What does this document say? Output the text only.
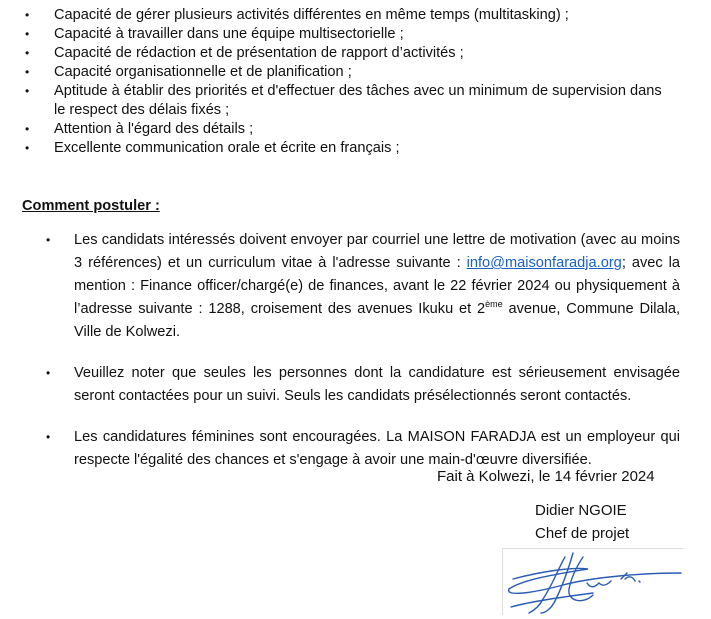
• Capacité de gérer plusieurs activités différentes en même temps (multitasking) ;
• Capacité à travailler dans une équipe multisectorielle ;
• Capacité de rédaction et de présentation de rapport d’activités ;
• Capacité organisationnelle et de planification ;
• Aptitude à établir des priorités et d'effectuer des tâches avec un minimum de supervision dans le respect des délais fixés ;
• Attention à l'égard des détails ;
• Excellente communication orale et écrite en français ;
Comment postuler :
• Les candidats intéressés doivent envoyer par courriel une lettre de motivation (avec au moins 3 références) et un curriculum vitae à l'adresse suivante : info@maisonfaradja.org; avec la mention : Finance officer/chargé(e) de finances, avant le 22 février 2024 ou physiquement à l’adresse suivante : 1288, croisement des avenues Ikuku et 2ème avenue, Commune Dilala, Ville de Kolwezi.
• Veuillez noter que seules les personnes dont la candidature est sérieusement envisagée seront contactées pour un suivi. Seuls les candidats présélectionnés seront contactés.
• Les candidatures féminines sont encouragées. La MAISON FARADJA est un employeur qui respecte l'égalité des chances et s'engage à avoir une main-d'œuvre diversifiée.
Fait à Kolwezi, le 14 février 2024
Didier NGOIE
Chef de projet
